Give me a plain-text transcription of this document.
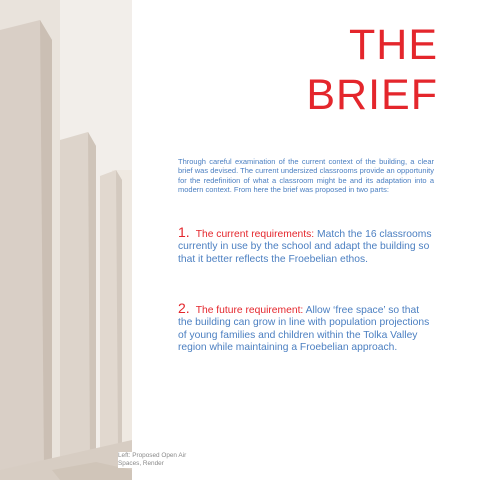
Left: Proposed Open Air
Spaces, Render
THE
BRIEF
Through careful examination of the current context of the building, a clear brief was devised. The current undersized classrooms provide an opportunity for the redefinition of what a classroom might be and its adaptation into a modern context. From here the brief was proposed in two parts:
1. The current requirements: Match the 16 classrooms currently in use by the school and adapt the building so that it better reflects the Froebelian ethos.
2. The future requirement: Allow ‘free space’ so that the building can grow in line with population projections of young families and children within the Tolka Valley region while maintaining a Froebelian approach.
